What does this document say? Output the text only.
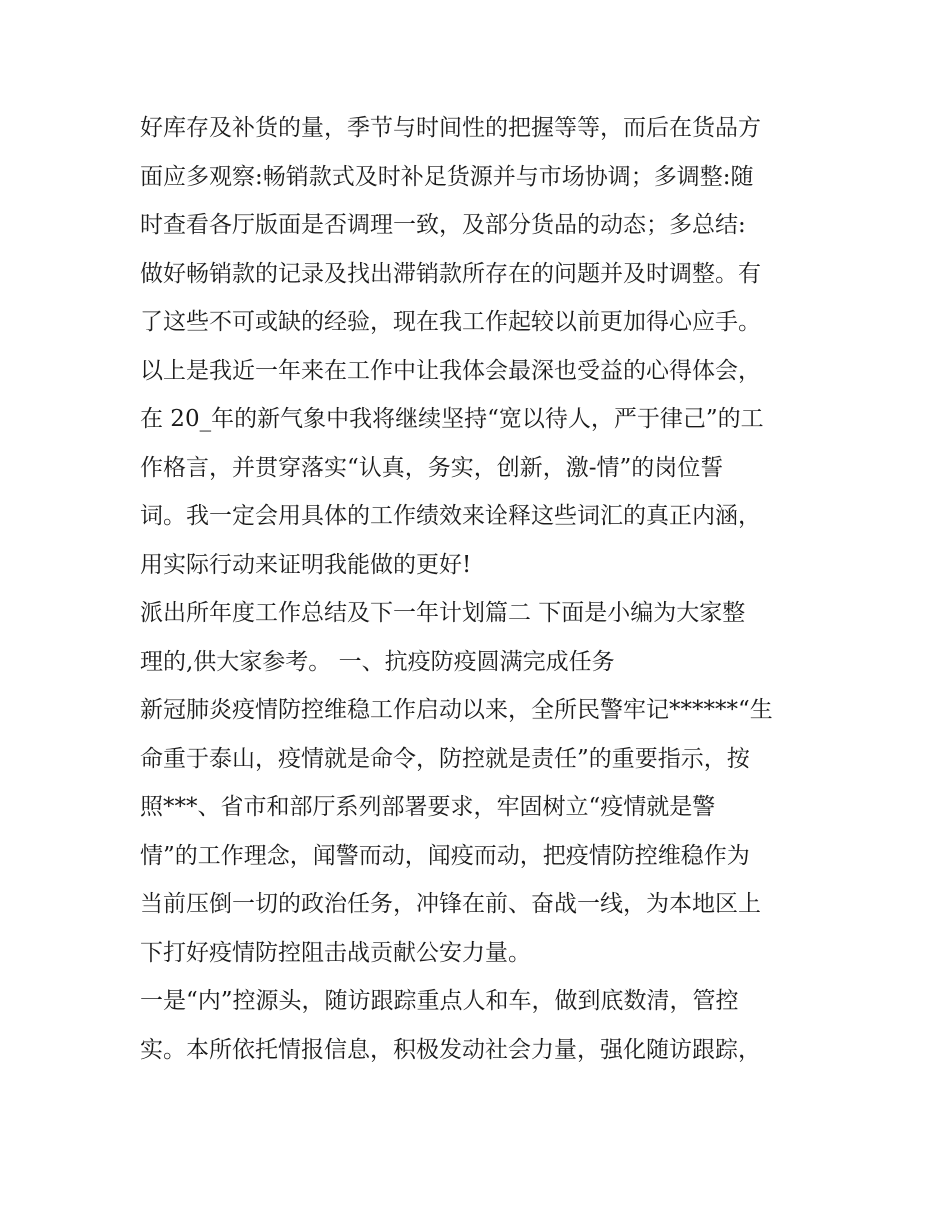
好库存及补货的量，季节与时间性的把握等等，而后在货品方
面应多观察:畅销款式及时补足货源并与市场协调；多调整:随
时查看各厅版面是否调理一致，及部分货品的动态；多总结:
做好畅销款的记录及找出滞销款所存在的问题并及时调整。有
了这些不可或缺的经验，现在我工作起较以前更加得心应手。
以上是我近一年来在工作中让我体会最深也受益的心得体会，
在 20_年的新气象中我将继续坚持“宽以待人，严于律己”的工
作格言，并贯穿落实“认真，务实，创新，激-情”的岗位誓
词。我一定会用具体的工作绩效来诠释这些词汇的真正内涵，
用实际行动来证明我能做的更好!
派出所年度工作总结及下一年计划篇二 下面是小编为大家整
理的,供大家参考。 一、抗疫防疫圆满完成任务
新冠肺炎疫情防控维稳工作启动以来，全所民警牢记******“生
命重于泰山，疫情就是命令，防控就是责任”的重要指示，按
照***、省市和部厅系列部署要求，牢固树立“疫情就是警
情”的工作理念，闻警而动，闻疫而动，把疫情防控维稳作为
当前压倒一切的政治任务，冲锋在前、奋战一线，为本地区上
下打好疫情防控阻击战贡献公安力量。
一是“内”控源头，随访跟踪重点人和车，做到底数清，管控
实。本所依托情报信息，积极发动社会力量，强化随访跟踪，
